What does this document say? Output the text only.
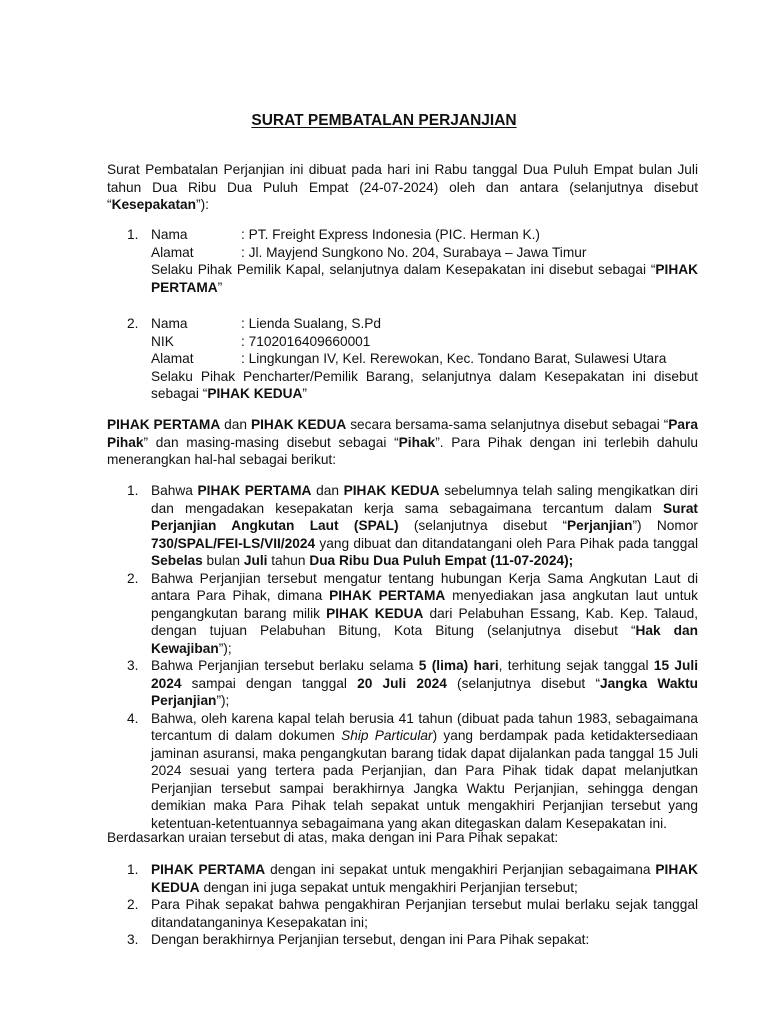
SURAT PEMBATALAN PERJANJIAN

Surat Pembatalan Perjanjian ini dibuat pada hari ini Rabu tanggal Dua Puluh Empat bulan Juli tahun Dua Ribu Dua Puluh Empat (24-07-2024) oleh dan antara (selanjutnya disebut “Kesepakatan”):

1. Nama	: PT. Freight Express Indonesia (PIC. Herman K.)
Alamat	: Jl. Mayjend Sungkono No. 204, Surabaya – Jawa Timur
Selaku Pihak Pemilik Kapal, selanjutnya dalam Kesepakatan ini disebut sebagai “PIHAK PERTAMA”
2. Nama	: Lienda Sualang, S.Pd
NIK	: 7102016409660001
Alamat	: Lingkungan IV, Kel. Rerewokan, Kec. Tondano Barat, Sulawesi Utara
Selaku Pihak Pencharter/Pemilik Barang, selanjutnya dalam Kesepakatan ini disebut sebagai “PIHAK KEDUA”

PIHAK PERTAMA dan PIHAK KEDUA secara bersama-sama selanjutnya disebut sebagai “Para Pihak” dan masing-masing disebut sebagai “Pihak”. Para Pihak dengan ini terlebih dahulu menerangkan hal-hal sebagai berikut:

1. Bahwa PIHAK PERTAMA dan PIHAK KEDUA sebelumnya telah saling mengikatkan diri dan mengadakan kesepakatan kerja sama sebagaimana tercantum dalam Surat Perjanjian Angkutan Laut (SPAL) (selanjutnya disebut “Perjanjian”) Nomor 730/SPAL/FEI-LS/VII/2024 yang dibuat dan ditandatangani oleh Para Pihak pada tanggal Sebelas bulan Juli tahun Dua Ribu Dua Puluh Empat (11-07-2024);
2. Bahwa Perjanjian tersebut mengatur tentang hubungan Kerja Sama Angkutan Laut di antara Para Pihak, dimana PIHAK PERTAMA menyediakan jasa angkutan laut untuk pengangkutan barang milik PIHAK KEDUA dari Pelabuhan Essang, Kab. Kep. Talaud, dengan tujuan Pelabuhan Bitung, Kota Bitung (selanjutnya disebut “Hak dan Kewajiban”);
3. Bahwa Perjanjian tersebut berlaku selama 5 (lima) hari, terhitung sejak tanggal 15 Juli 2024 sampai dengan tanggal 20 Juli 2024 (selanjutnya disebut “Jangka Waktu Perjanjian”);
4. Bahwa, oleh karena kapal telah berusia 41 tahun (dibuat pada tahun 1983, sebagaimana tercantum di dalam dokumen Ship Particular) yang berdampak pada ketidaktersediaan jaminan asuransi, maka pengangkutan barang tidak dapat dijalankan pada tanggal 15 Juli 2024 sesuai yang tertera pada Perjanjian, dan Para Pihak tidak dapat melanjutkan Perjanjian tersebut sampai berakhirnya Jangka Waktu Perjanjian, sehingga dengan demikian maka Para Pihak telah sepakat untuk mengakhiri Perjanjian tersebut yang ketentuan-ketentuannya sebagaimana yang akan ditegaskan dalam Kesepakatan ini.

Berdasarkan uraian tersebut di atas, maka dengan ini Para Pihak sepakat:

1. PIHAK PERTAMA dengan ini sepakat untuk mengakhiri Perjanjian sebagaimana PIHAK KEDUA dengan ini juga sepakat untuk mengakhiri Perjanjian tersebut;
2. Para Pihak sepakat bahwa pengakhiran Perjanjian tersebut mulai berlaku sejak tanggal ditandatanganinya Kesepakatan ini;
3. Dengan berakhirnya Perjanjian tersebut, dengan ini Para Pihak sepakat:
